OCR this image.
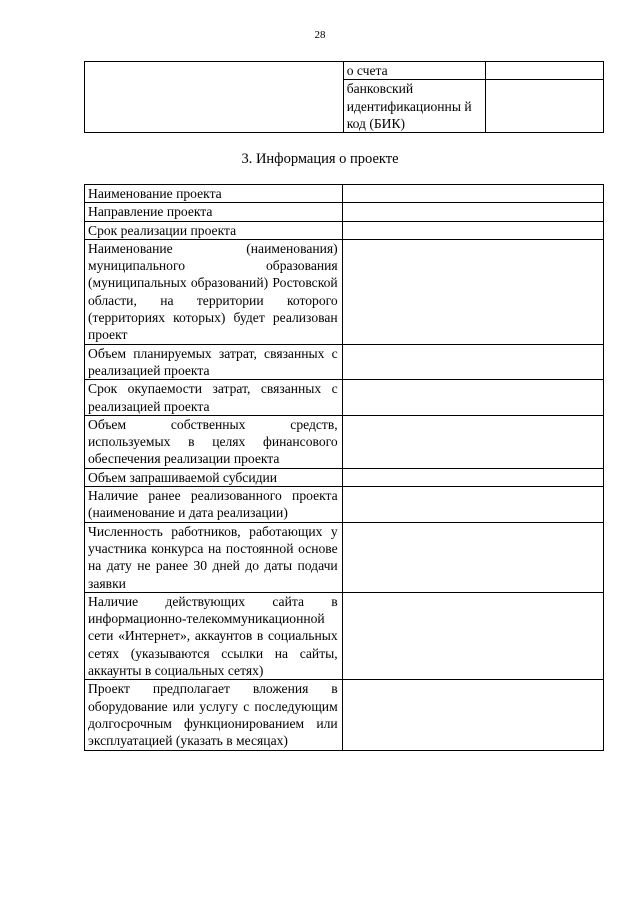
28

	о счета	

	банковский идентификационны й код (БИК)	

3. Информация о проекте
Наименование проекта	

Направление проекта	

Срок реализации проекта	

Наименование (наименования) муниципального образования (муниципальных образований) Ростовской области, на территории которого (территориях которых) будет реализован проект	

Объем планируемых затрат, связанных с реализацией проекта	

Срок окупаемости затрат, связанных с реализацией проекта	

Объем собственных средств, используемых в целях финансового обеспечения реализации проекта	

Объем запрашиваемой субсидии	

Наличие ранее реализованного проекта (наименование и дата реализации)	

Численность работников, работающих у участника конкурса на постоянной основе на дату не ранее 30 дней до даты подачи заявки	

Наличие действующих сайта в информационно-телекоммуникационной сети «Интернет», аккаунтов в социальных сетях (указываются ссылки на сайты, аккаунты в социальных сетях)	

Проект предполагает вложения в оборудование или услугу с последующим долгосрочным функционированием или эксплуатацией (указать в месяцах)	
